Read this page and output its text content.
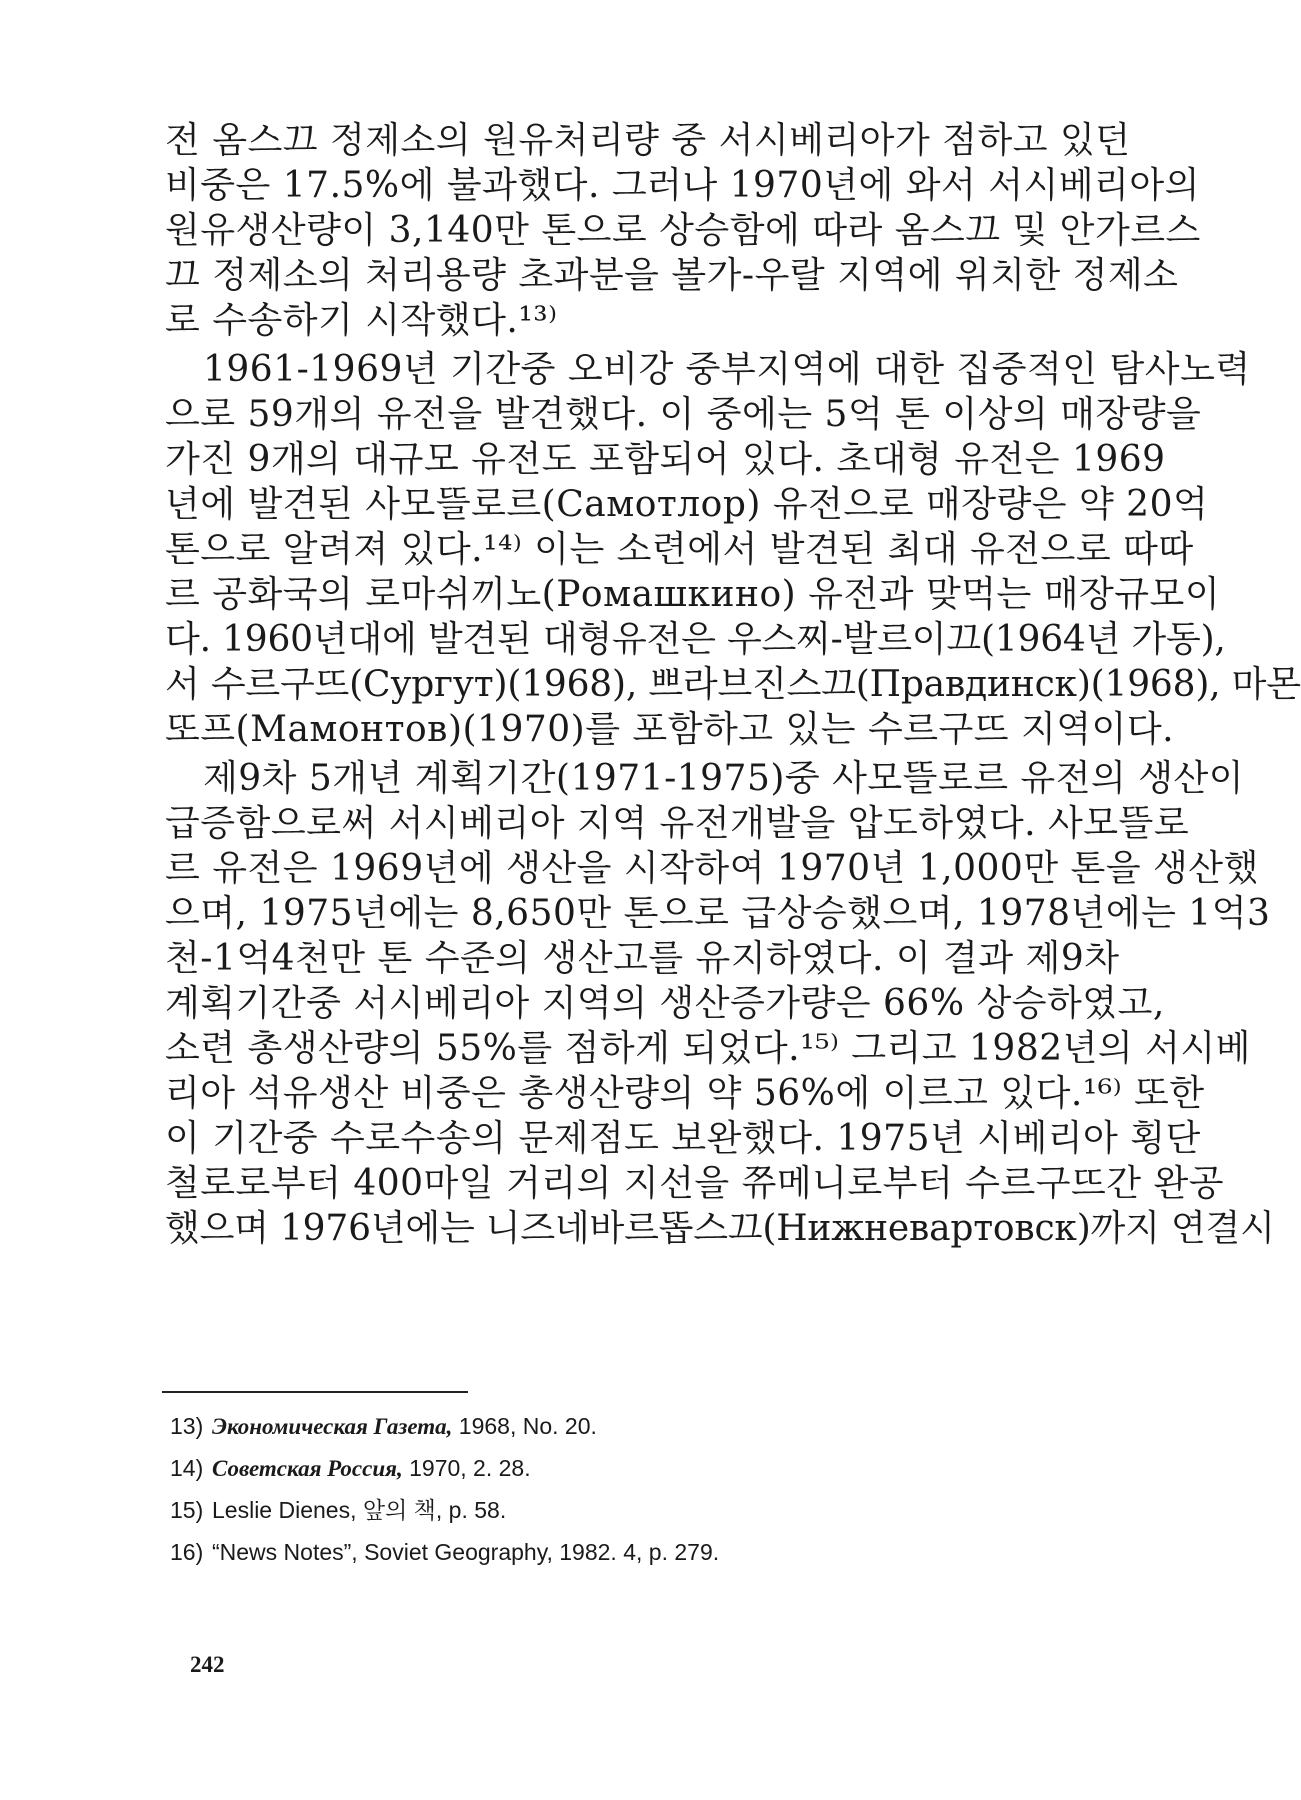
전 옴스끄 정제소의 원유처리량 중 서시베리아가 점하고 있던
비중은 17.5%에 불과했다. 그러나 1970년에 와서 서시베리아의
원유생산량이 3,140만 톤으로 상승함에 따라 옴스끄 및 안가르스
끄 정제소의 처리용량 초과분을 볼가-우랄 지역에 위치한 정제소
로 수송하기 시작했다.¹³⁾
1961-1969년 기간중 오비강 중부지역에 대한 집중적인 탐사노력
으로 59개의 유전을 발견했다. 이 중에는 5억 톤 이상의 매장량을
가진 9개의 대규모 유전도 포함되어 있다. 초대형 유전은 1969
년에 발견된 사모뜰로르(Самотлор) 유전으로 매장량은 약 20억
톤으로 알려져 있다.¹⁴⁾ 이는 소련에서 발견된 최대 유전으로 따따
르 공화국의 로마쉬끼노(Ромашкино) 유전과 맞먹는 매장규모이
다. 1960년대에 발견된 대형유전은 우스찌-발르이끄(1964년 가동),
서 수르구뜨(Сургут)(1968), 쁘라브진스끄(Правдинск)(1968), 마몬
또프(Мамонтов)(1970)를 포함하고 있는 수르구뜨 지역이다.
제9차 5개년 계획기간(1971-1975)중 사모뜰로르 유전의 생산이
급증함으로써 서시베리아 지역 유전개발을 압도하였다. 사모뜰로
르 유전은 1969년에 생산을 시작하여 1970년 1,000만 톤을 생산했
으며, 1975년에는 8,650만 톤으로 급상승했으며, 1978년에는 1억3
천-1억4천만 톤 수준의 생산고를 유지하였다. 이 결과 제9차
계획기간중 서시베리아 지역의 생산증가량은 66% 상승하였고,
소련 총생산량의 55%를 점하게 되었다.¹⁵⁾ 그리고 1982년의 서시베
리아 석유생산 비중은 총생산량의 약 56%에 이르고 있다.¹⁶⁾ 또한
이 기간중 수로수송의 문제점도 보완했다. 1975년 시베리아 횡단
철로로부터 400마일 거리의 지선을 쮸메니로부터 수르구뜨간 완공
했으며 1976년에는 니즈네바르똡스끄(Нижневартовск)까지 연결시
13) Экономическая Газета, 1968, No. 20.
14) Советская Россия, 1970, 2. 28.
15) Leslie Dienes, 앞의 책, p. 58.
16) “News Notes”, Soviet Geography, 1982. 4, p. 279.
242
